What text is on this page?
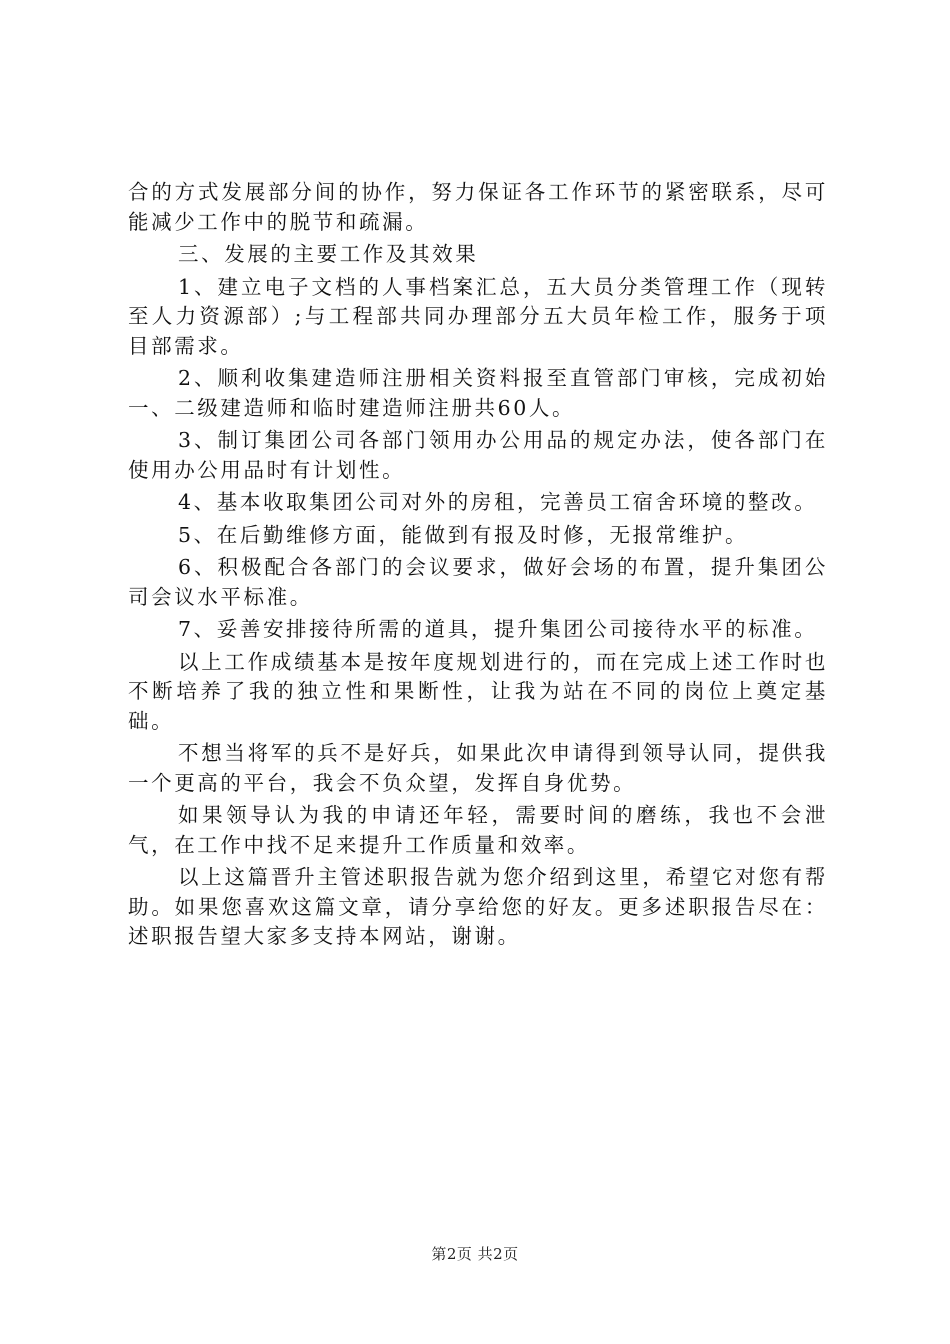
合的方式发展部分间的协作，努力保证各工作环节的紧密联系，尽可能减少工作中的脱节和疏漏。

三、发展的主要工作及其效果

1、建立电子文档的人事档案汇总，五大员分类管理工作（现转至人力资源部）;与工程部共同办理部分五大员年检工作，服务于项目部需求。

2、顺利收集建造师注册相关资料报至直管部门审核，完成初始一、二级建造师和临时建造师注册共60人。

3、制订集团公司各部门领用办公用品的规定办法，使各部门在使用办公用品时有计划性。

4、基本收取集团公司对外的房租，完善员工宿舍环境的整改。

5、在后勤维修方面，能做到有报及时修，无报常维护。

6、积极配合各部门的会议要求，做好会场的布置，提升集团公司会议水平标准。

7、妥善安排接待所需的道具，提升集团公司接待水平的标准。

以上工作成绩基本是按年度规划进行的，而在完成上述工作时也不断培养了我的独立性和果断性，让我为站在不同的岗位上奠定基础。

不想当将军的兵不是好兵，如果此次申请得到领导认同，提供我一个更高的平台，我会不负众望，发挥自身优势。

如果领导认为我的申请还年轻，需要时间的磨练，我也不会泄气，在工作中找不足来提升工作质量和效率。

以上这篇晋升主管述职报告就为您介绍到这里，希望它对您有帮助。如果您喜欢这篇文章，请分享给您的好友。更多述职报告尽在：述职报告望大家多支持本网站，谢谢。

第2页 共2页
